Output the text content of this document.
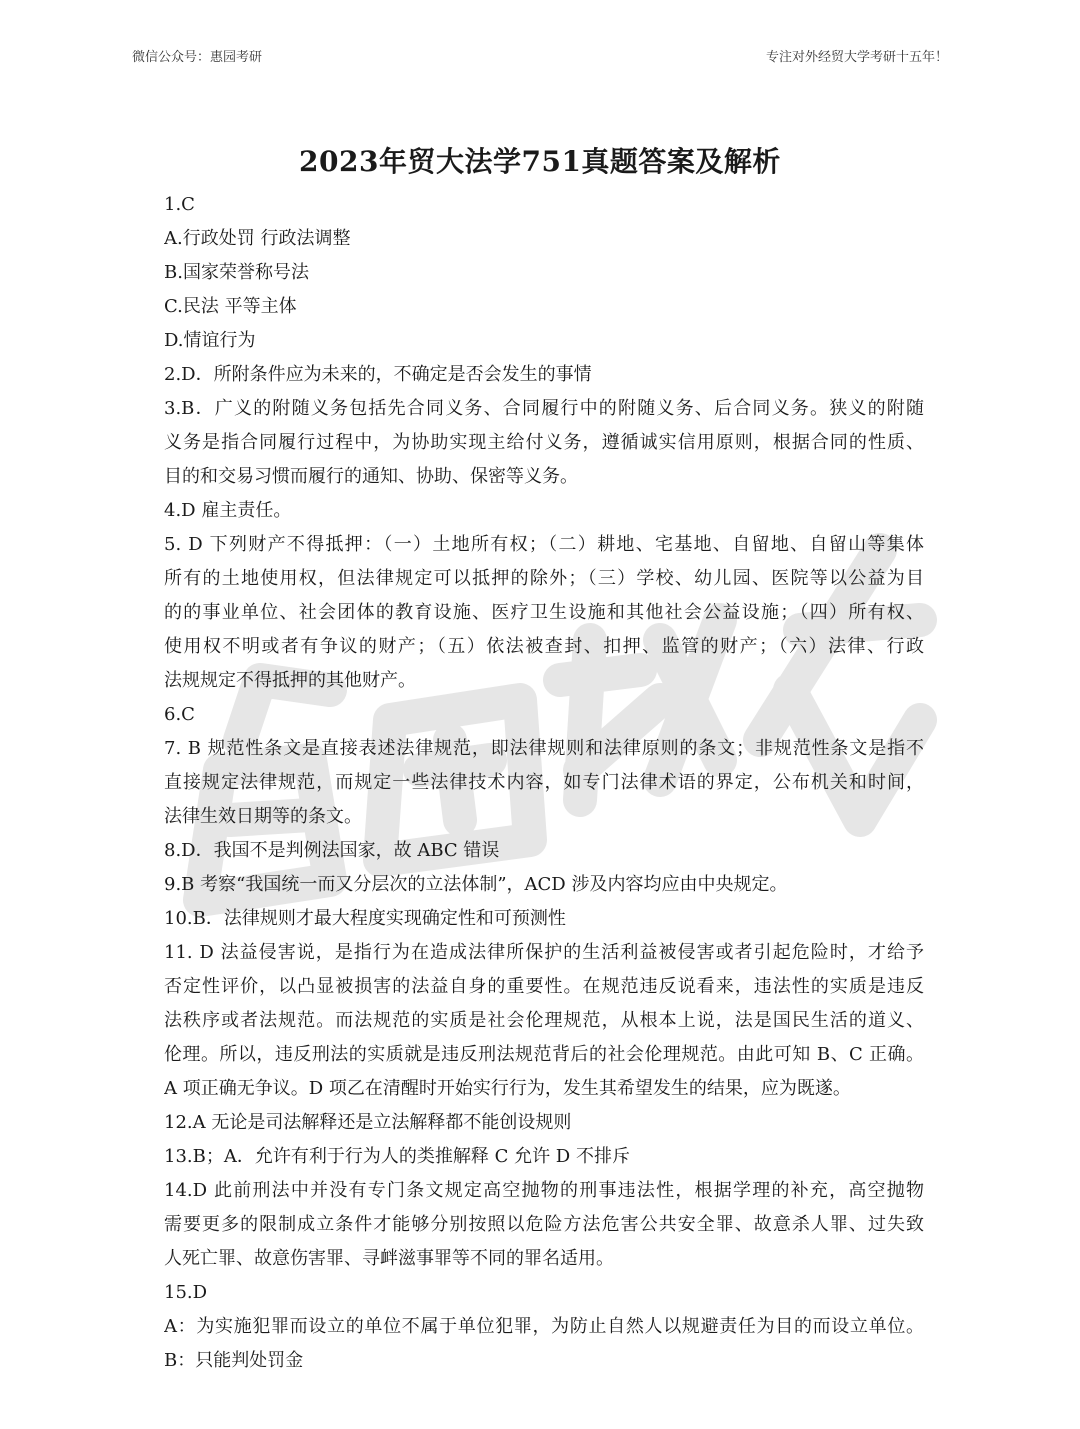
微信公众号：惠园考研	专注对外经贸大学考研十五年！
2023年贸大法学751真题答案及解析
1.C
A.行政处罚 行政法调整
B.国家荣誉称号法
C.民法 平等主体
D.情谊行为
2.D．所附条件应为未来的，不确定是否会发生的事情
3.B．广义的附随义务包括先合同义务、合同履行中的附随义务、后合同义务。狭义的附随
义务是指合同履行过程中，为协助实现主给付义务，遵循诚实信用原则，根据合同的性质、
目的和交易习惯而履行的通知、协助、保密等义务。
4.D 雇主责任。
5. D 下列财产不得抵押：（一）土地所有权；（二）耕地、宅基地、自留地、自留山等集体
所有的土地使用权，但法律规定可以抵押的除外；（三）学校、幼儿园、医院等以公益为目
的的事业单位、社会团体的教育设施、医疗卫生设施和其他社会公益设施；（四）所有权、
使用权不明或者有争议的财产；（五）依法被查封、扣押、监管的财产；（六）法律、行政
法规规定不得抵押的其他财产。
6.C
7. B 规范性条文是直接表述法律规范，即法律规则和法律原则的条文；非规范性条文是指不
直接规定法律规范，而规定一些法律技术内容，如专门法律术语的界定，公布机关和时间，
法律生效日期等的条文。
8.D．我国不是判例法国家，故 ABC 错误
9.B 考察“我国统一而又分层次的立法体制”，ACD 涉及内容均应由中央规定。
10.B．法律规则才最大程度实现确定性和可预测性
11. D 法益侵害说，是指行为在造成法律所保护的生活利益被侵害或者引起危险时，才给予
否定性评价，以凸显被损害的法益自身的重要性。在规范违反说看来，违法性的实质是违反
法秩序或者法规范。而法规范的实质是社会伦理规范，从根本上说，法是国民生活的道义、
伦理。所以，违反刑法的实质就是违反刑法规范背后的社会伦理规范。由此可知 B、C 正确。
A 项正确无争议。D 项乙在清醒时开始实行行为，发生其希望发生的结果，应为既遂。
12.A 无论是司法解释还是立法解释都不能创设规则
13.B；A．允许有利于行为人的类推解释 C 允许 D 不排斥
14.D 此前刑法中并没有专门条文规定高空抛物的刑事违法性，根据学理的补充，高空抛物
需要更多的限制成立条件才能够分别按照以危险方法危害公共安全罪、故意杀人罪、过失致
人死亡罪、故意伤害罪、寻衅滋事罪等不同的罪名适用。
15.D
A：为实施犯罪而设立的单位不属于单位犯罪，为防止自然人以规避责任为目的而设立单位。
B：只能判处罚金
